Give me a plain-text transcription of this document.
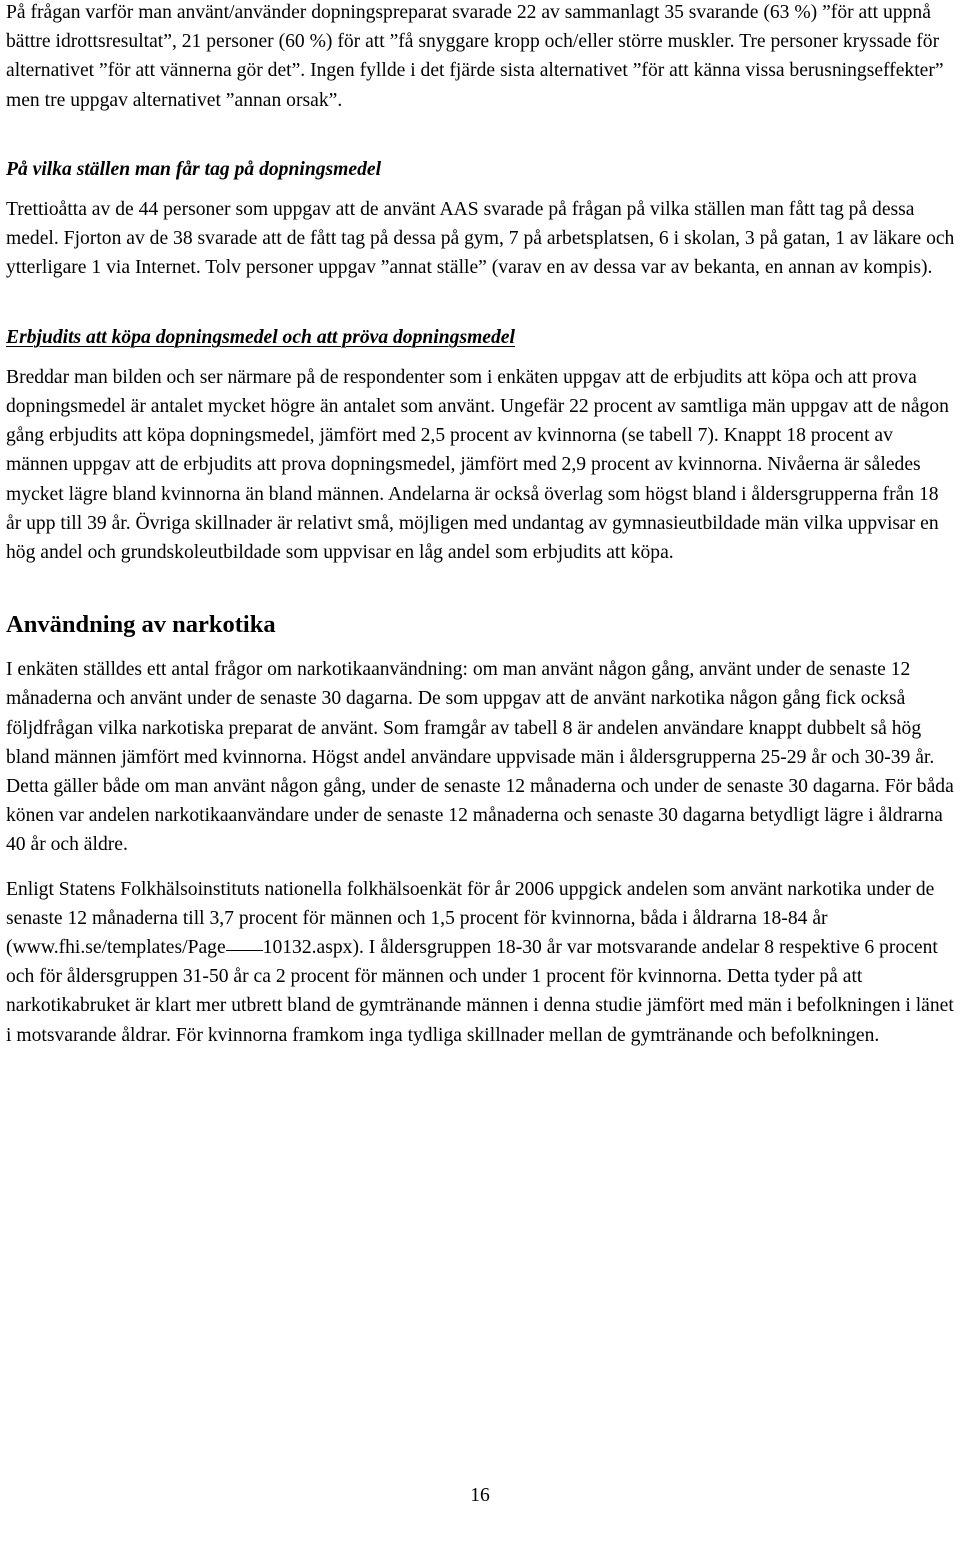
På frågan varför man använt/använder dopningspreparat svarade 22 av sammanlagt 35 svarande (63 %) ”för att uppnå bättre idrottsresultat”, 21 personer (60 %) för att ”få snyggare kropp och/eller större muskler. Tre personer kryssade för alternativet ”för att vännerna gör det”. Ingen fyllde i det fjärde sista alternativet ”för att känna vissa berusningseffekter” men tre uppgav alternativet ”annan orsak”.

På vilka ställen man får tag på dopningsmedel

Trettioåtta av de 44 personer som uppgav att de använt AAS svarade på frågan på vilka ställen man fått tag på dessa medel. Fjorton av de 38 svarade att de fått tag på dessa på gym, 7 på arbetsplatsen, 6 i skolan, 3 på gatan, 1 av läkare och ytterligare 1 via Internet. Tolv personer uppgav ”annat ställe” (varav en av dessa var av bekanta, en annan av kompis).

Erbjudits att köpa dopningsmedel och att pröva dopningsmedel

Breddar man bilden och ser närmare på de respondenter som i enkäten uppgav att de erbjudits att köpa och att prova dopningsmedel är antalet mycket högre än antalet som använt. Ungefär 22 procent av samtliga män uppgav att de någon gång erbjudits att köpa dopningsmedel, jämfört med 2,5 procent av kvinnorna (se tabell 7). Knappt 18 procent av männen uppgav att de erbjudits att prova dopningsmedel, jämfört med 2,9 procent av kvinnorna. Nivåerna är således mycket lägre bland kvinnorna än bland männen. Andelarna är också överlag som högst bland i åldersgrupperna från 18 år upp till 39 år. Övriga skillnader är relativt små, möjligen med undantag av gymnasieutbildade män vilka uppvisar en hög andel och grundskoleutbildade som uppvisar en låg andel som erbjudits att köpa.

Användning av narkotika

I enkäten ställdes ett antal frågor om narkotikaanvändning: om man använt någon gång, använt under de senaste 12 månaderna och använt under de senaste 30 dagarna. De som uppgav att de använt narkotika någon gång fick också följdfrågan vilka narkotiska preparat de använt. Som framgår av tabell 8 är andelen användare knappt dubbelt så hög bland männen jämfört med kvinnorna. Högst andel användare uppvisade män i åldersgrupperna 25-29 år och 30-39 år. Detta gäller både om man använt någon gång, under de senaste 12 månaderna och under de senaste 30 dagarna. För båda könen var andelen narkotikaanvändare under de senaste 12 månaderna och senaste 30 dagarna betydligt lägre i åldrarna 40 år och äldre.

Enligt Statens Folkhälsoinstituts nationella folkhälsoenkät för år 2006 uppgick andelen som använt narkotika under de senaste 12 månaderna till 3,7 procent för männen och 1,5 procent för kvinnorna, båda i åldrarna 18-84 år (www.fhi.se/templates/Page 10132.aspx). I åldersgruppen 18-30 år var motsvarande andelar 8 respektive 6 procent och för åldersgruppen 31-50 år ca 2 procent för männen och under 1 procent för kvinnorna. Detta tyder på att narkotikabruket är klart mer utbrett bland de gymtränande männen i denna studie jämfört med män i befolkningen i länet i motsvarande åldrar. För kvinnorna framkom inga tydliga skillnader mellan de gymtränande och befolkningen.

16
